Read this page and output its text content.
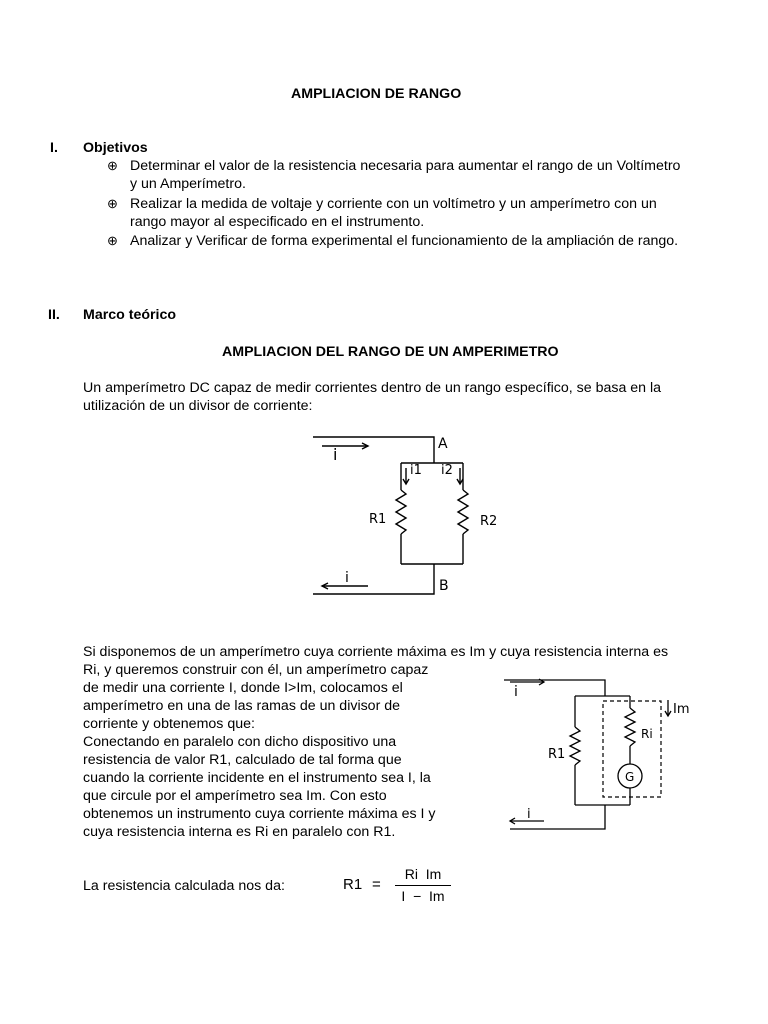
AMPLIACION DE RANGO
I. Objetivos
⊕ Determinar el valor de la resistencia necesaria para aumentar el rango de un Voltímetro
y un Amperímetro.
⊕ Realizar la medida de voltaje y corriente con un voltímetro y un amperímetro con un
rango mayor al especificado en el instrumento.
⊕ Analizar y Verificar de forma experimental el funcionamiento de la ampliación de rango.
II. Marco teórico
AMPLIACION DEL RANGO DE UN AMPERIMETRO
Un amperímetro DC capaz de medir corrientes dentro de un rango específico, se basa en la
utilización de un divisor de corriente:
i
A
i1 i2
R1	R2
i	B
Si disponemos de un amperímetro cuya corriente máxima es Im y cuya resistencia interna es
Ri, y queremos construir con él, un amperímetro capaz
de medir una corriente I, donde I>Im, colocamos el
amperímetro en una de las ramas de un divisor de
corriente y obtenemos que:
Conectando en paralelo con dicho dispositivo una
resistencia de valor R1, calculado de tal forma que
cuando la corriente incidente en el instrumento sea I, la
que circule por el amperímetro sea Im. Con esto
obtenemos un instrumento cuya corriente máxima es I y
cuya resistencia interna es Ri en paralelo con R1.
i
Im
Ri
R1
G
i
La resistencia calculada nos da:	R1 =
Ri  Im
I  −  Im
